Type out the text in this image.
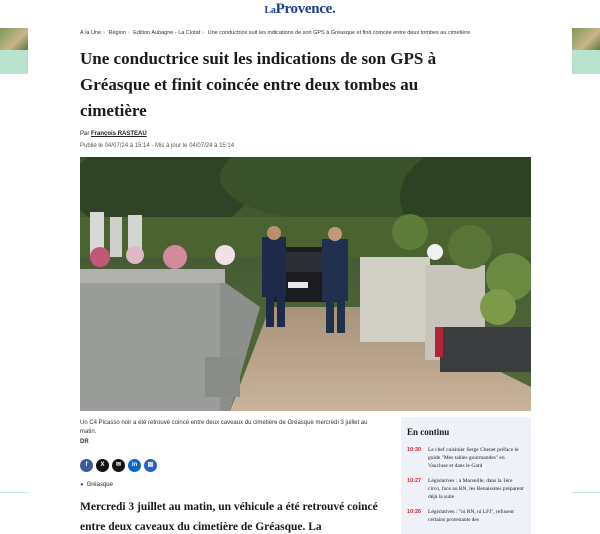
LaProvence.
À la Une › Région › Édition Aubagne - La Ciotat › Une conductrice suit les indications de son GPS à Gréasque et finit coincée entre deux tombes au cimetière
Une conductrice suit les indications de son GPS à Gréasque et finit coincée entre deux tombes au cimetière
Par François RASTEAU
Publié le 04/07/24 à 15:14 - Mis à jour le 04/07/24 à 15:14
Un C4 Picasso noir a été retrouvé coincé entre deux caveaux du cimetière de Gréasque mercredi 3 juillet au matin.
DR
f	X	✉	in	▤
● Gréasque

Mercredi 3 juillet au matin, un véhicule a été retrouvé coincé entre deux caveaux du cimetière de Gréasque. La

En continu
10:30	Le chef cuisinier Serge Chenet préface le guide "Mes tables gourmandes" en Vaucluse et dans le Gard
10:27	Législatives : à Marseille, dans la 1ère circo, face au RN, les Renaissites préparent déjà la suite
10:26	Législatives : "ni RN, ni LFI", refusent certains protestants des
